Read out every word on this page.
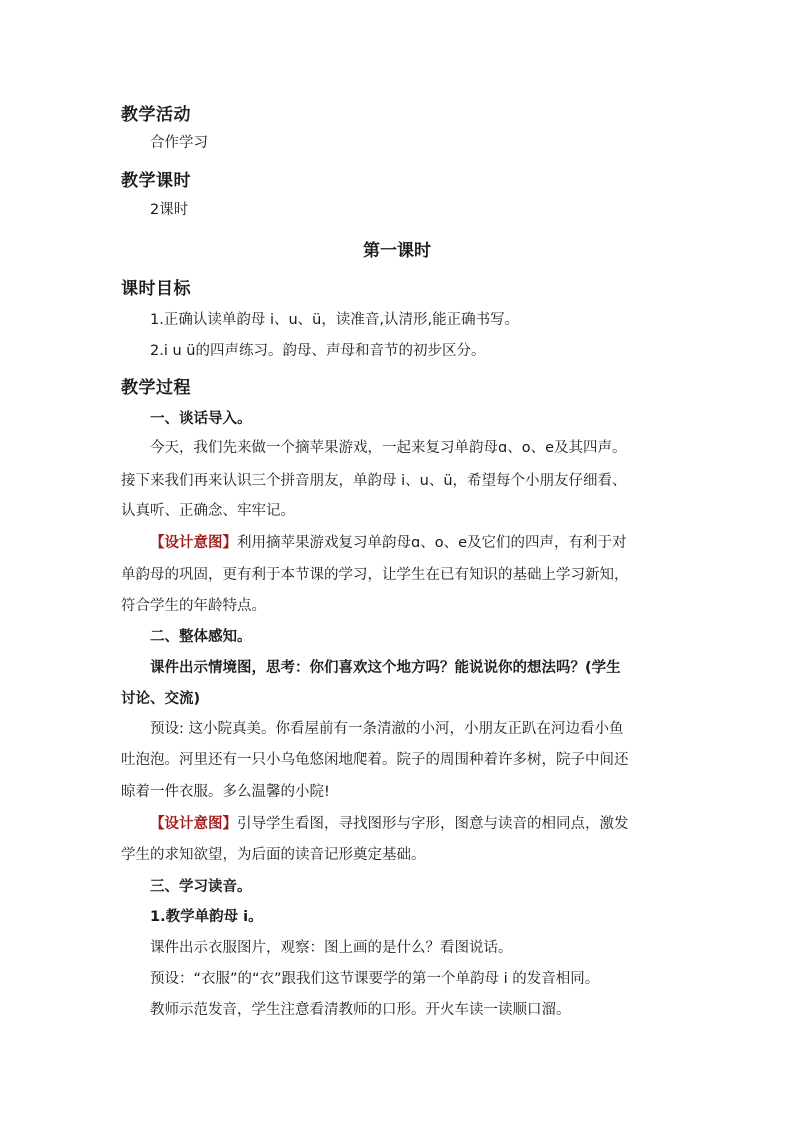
教学活动
合作学习
教学课时
2课时
第一课时
课时目标
1.正确认读单韵母 i、u、ü，读准音,认清形,能正确书写。
2.i u ü的四声练习。韵母、声母和音节的初步区分。
教学过程
一、谈话导入。
今天，我们先来做一个摘苹果游戏，一起来复习单韵母ɑ、o、e及其四声。
接下来我们再来认识三个拼音朋友，单韵母 i、u、ü，希望每个小朋友仔细看、
认真听、正确念、牢牢记。
【设计意图】利用摘苹果游戏复习单韵母ɑ、o、e及它们的四声，有利于对
单韵母的巩固，更有利于本节课的学习，让学生在已有知识的基础上学习新知，
符合学生的年龄特点。
二、整体感知。
课件出示情境图，思考：你们喜欢这个地方吗？能说说你的想法吗？(学生
讨论、交流)
预设: 这小院真美。你看屋前有一条清澈的小河，小朋友正趴在河边看小鱼
吐泡泡。河里还有一只小乌龟悠闲地爬着。院子的周围种着许多树，院子中间还
晾着一件衣服。多么温馨的小院!
【设计意图】引导学生看图，寻找图形与字形，图意与读音的相同点，激发
学生的求知欲望，为后面的读音记形奠定基础。
三、学习读音。
1.教学单韵母 i。
课件出示衣服图片，观察：图上画的是什么？看图说话。
预设：“衣服”的“衣”跟我们这节课要学的第一个单韵母 i 的发音相同。
教师示范发音，学生注意看清教师的口形。开火车读一读顺口溜。
